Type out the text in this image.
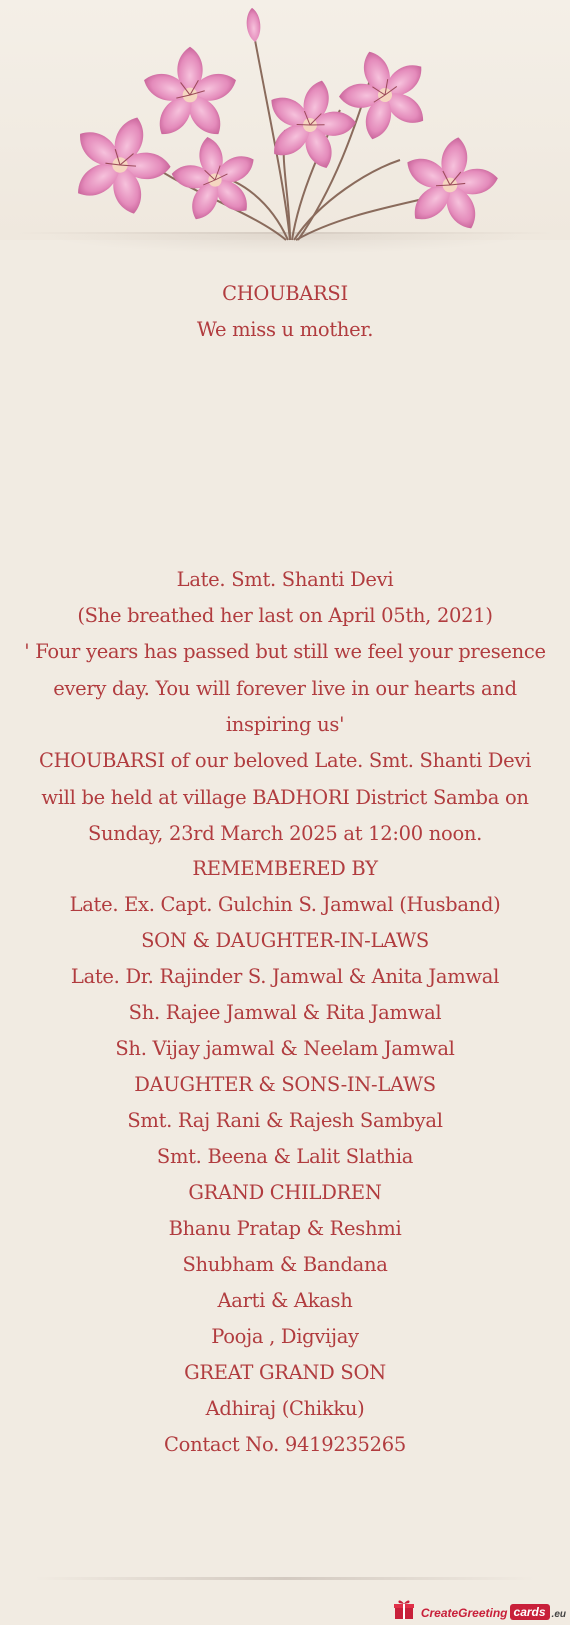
CHOUBARSI
We miss u mother.
Late. Smt. Shanti Devi
(She breathed her last on April 05th, 2021)
' Four years has passed but still we feel your presence every day. You will forever live in our hearts and inspiring us'
CHOUBARSI of our beloved Late. Smt. Shanti Devi will be held at village BADHORI District Samba on Sunday, 23rd March 2025 at 12:00 noon.
REMEMBERED BY
Late. Ex. Capt. Gulchin S. Jamwal (Husband)
SON & DAUGHTER-IN-LAWS
Late. Dr. Rajinder S. Jamwal & Anita Jamwal
Sh. Rajee Jamwal & Rita Jamwal
Sh. Vijay jamwal & Neelam Jamwal
DAUGHTER & SONS-IN-LAWS
Smt. Raj Rani & Rajesh Sambyal
Smt. Beena & Lalit Slathia
GRAND CHILDREN
Bhanu Pratap & Reshmi
Shubham & Bandana
Aarti & Akash
Pooja , Digvijay
GREAT GRAND SON
Adhiraj (Chikku)
Contact No. 9419235265
CreateGreeting cards .eu
